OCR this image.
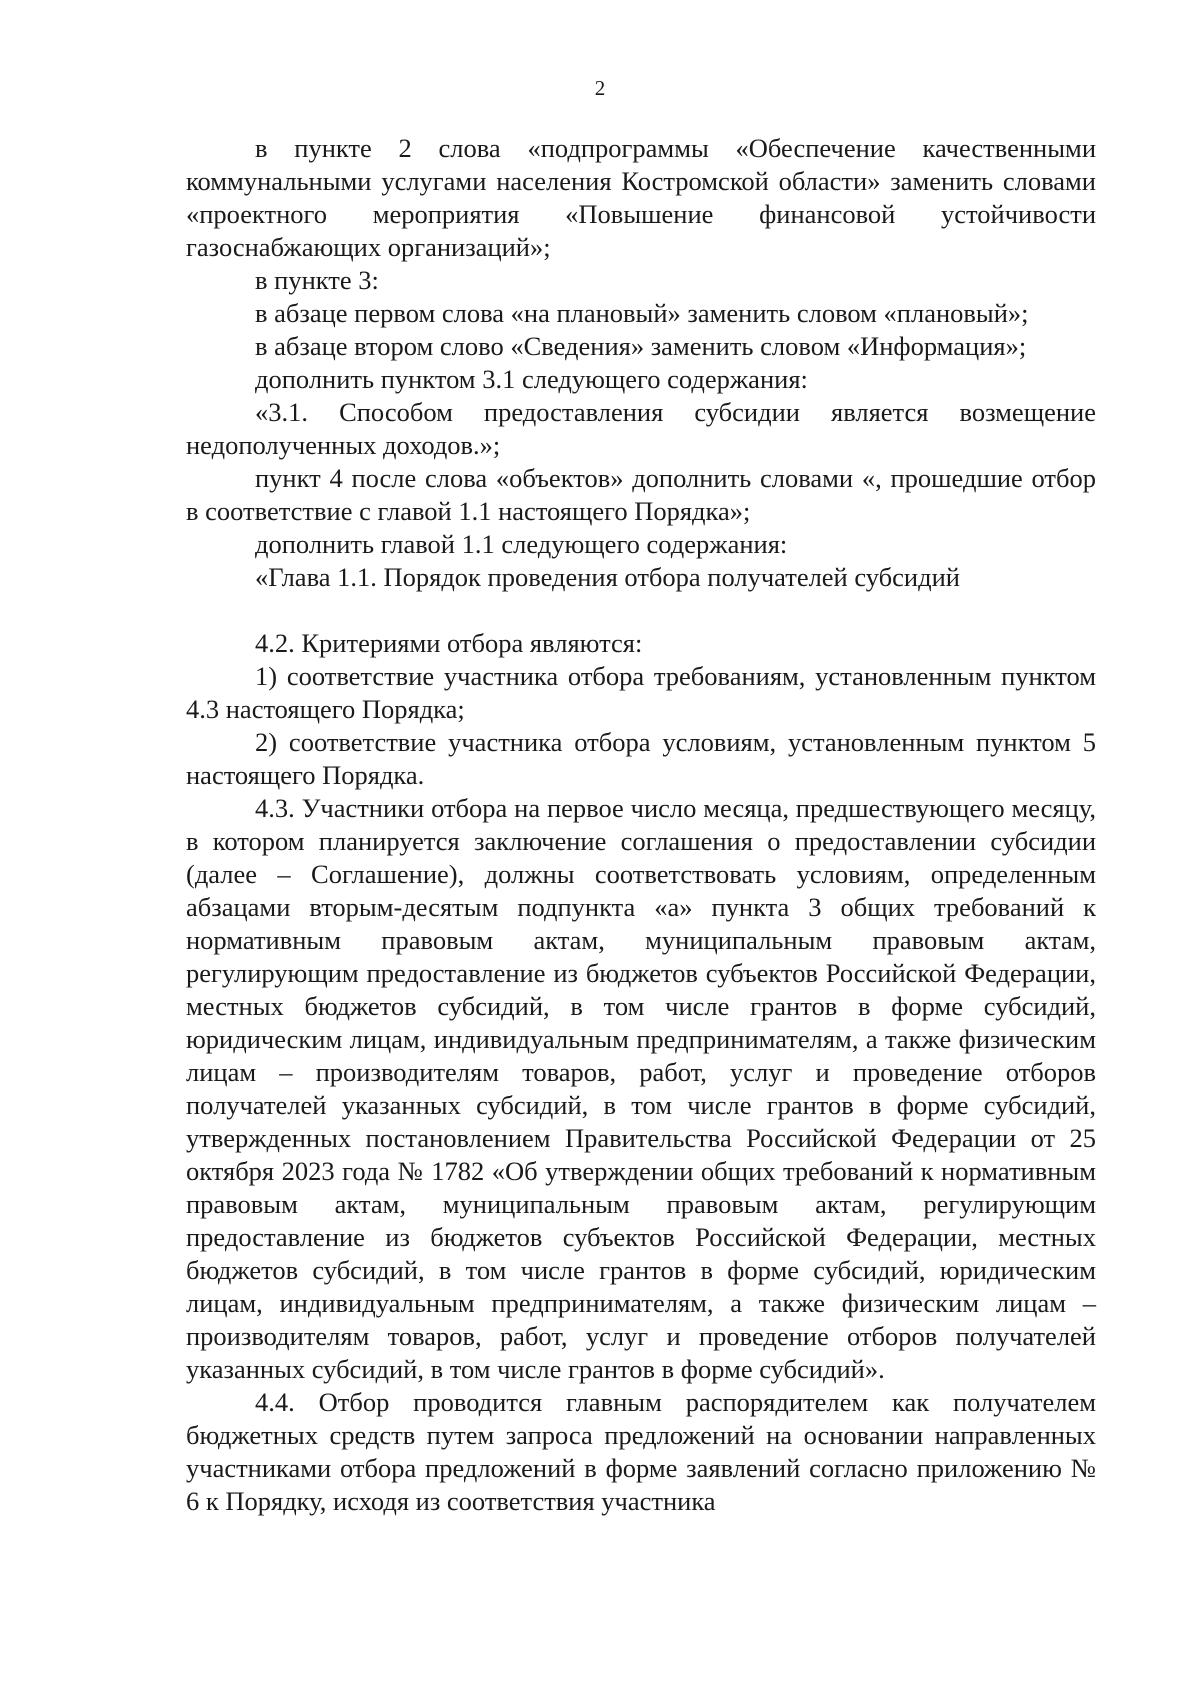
2

в пункте 2 слова «подпрограммы «Обеспечение качественными коммунальными услугами населения Костромской области» заменить словами «проектного мероприятия «Повышение финансовой устойчивости газоснабжающих организаций»;

в пункте 3:

в абзаце первом слова «на плановый» заменить словом «плановый»;

в абзаце втором слово «Сведения» заменить словом «Информация»;

дополнить пунктом 3.1 следующего содержания:

«3.1. Способом предоставления субсидии является возмещение недополученных доходов.»;

пункт 4 после слова «объектов» дополнить словами «, прошедшие отбор в соответствие с главой 1.1 настоящего Порядка»;

дополнить главой 1.1 следующего содержания:

«Глава 1.1. Порядок проведения отбора получателей субсидий

4.2. Критериями отбора являются:

1) соответствие участника отбора требованиям, установленным пунктом 4.3 настоящего Порядка;

2) соответствие участника отбора условиям, установленным пунктом 5 настоящего Порядка.

4.3. Участники отбора на первое число месяца, предшествующего месяцу, в котором планируется заключение соглашения о предоставлении субсидии (далее – Соглашение), должны соответствовать условиям, определенным абзацами вторым-десятым подпункта «а» пункта 3 общих требований к нормативным правовым актам, муниципальным правовым актам, регулирующим предоставление из бюджетов субъектов Российской Федерации, местных бюджетов субсидий, в том числе грантов в форме субсидий, юридическим лицам, индивидуальным предпринимателям, а также физическим лицам – производителям товаров, работ, услуг и проведение отборов получателей указанных субсидий, в том числе грантов в форме субсидий, утвержденных постановлением Правительства Российской Федерации от 25 октября 2023 года № 1782 «Об утверждении общих требований к нормативным правовым актам, муниципальным правовым актам, регулирующим предоставление из бюджетов субъектов Российской Федерации, местных бюджетов субсидий, в том числе грантов в форме субсидий, юридическим лицам, индивидуальным предпринимателям, а также физическим лицам – производителям товаров, работ, услуг и проведение отборов получателей указанных субсидий, в том числе грантов в форме субсидий».

4.4. Отбор проводится главным распорядителем как получателем бюджетных средств путем запроса предложений на основании направленных участниками отбора предложений в форме заявлений согласно приложению № 6 к Порядку, исходя из соответствия участника
